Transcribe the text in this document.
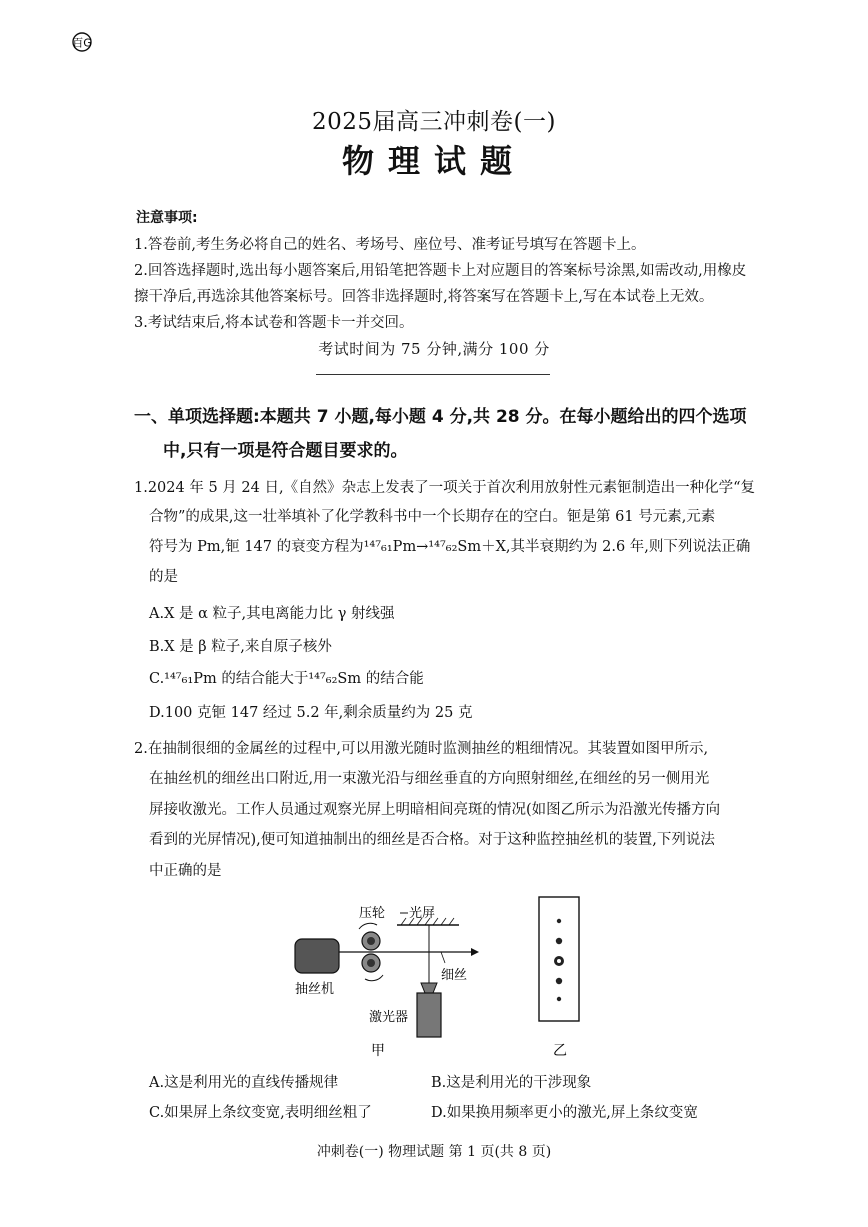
百G
2025届高三冲刺卷(一)
物理试题
注意事项:
1.答卷前,考生务必将自己的姓名、考场号、座位号、准考证号填写在答题卡上。
2.回答选择题时,选出每小题答案后,用铅笔把答题卡上对应题目的答案标号涂黑,如需改动,用橡皮
擦干净后,再选涂其他答案标号。回答非选择题时,将答案写在答题卡上,写在本试卷上无效。
3.考试结束后,将本试卷和答题卡一并交回。
考试时间为 75 分钟,满分 100 分
一、单项选择题:本题共 7 小题,每小题 4 分,共 28 分。在每小题给出的四个选项
中,只有一项是符合题目要求的。
1.2024 年 5 月 24 日,《自然》杂志上发表了一项关于首次利用放射性元素钷制造出一种化学“复
合物”的成果,这一壮举填补了化学教科书中一个长期存在的空白。钷是第 61 号元素,元素
符号为 Pm,钷 147 的衰变方程为¹⁴⁷₆₁Pm→¹⁴⁷₆₂Sm＋X,其半衰期约为 2.6 年,则下列说法正确
的是
A.X 是 α 粒子,其电离能力比 γ 射线强
B.X 是 β 粒子,来自原子核外
C.¹⁴⁷₆₁Pm 的结合能大于¹⁴⁷₆₂Sm 的结合能
D.100 克钷 147 经过 5.2 年,剩余质量约为 25 克
2.在抽制很细的金属丝的过程中,可以用激光随时监测抽丝的粗细情况。其装置如图甲所示,
在抽丝机的细丝出口附近,用一束激光沿与细丝垂直的方向照射细丝,在细丝的另一侧用光
屏接收激光。工作人员通过观察光屏上明暗相间亮斑的情况(如图乙所示为沿激光传播方向
看到的光屏情况),便可知道抽制出的细丝是否合格。对于这种监控抽丝机的装置,下列说法
中正确的是
压轮 光屏
细丝
抽丝机
激光器
甲	乙
A.这是利用光的直线传播规律	B.这是利用光的干涉现象
C.如果屏上条纹变宽,表明细丝粗了	D.如果换用频率更小的激光,屏上条纹变宽
冲刺卷(一) 物理试题 第 1 页(共 8 页)
